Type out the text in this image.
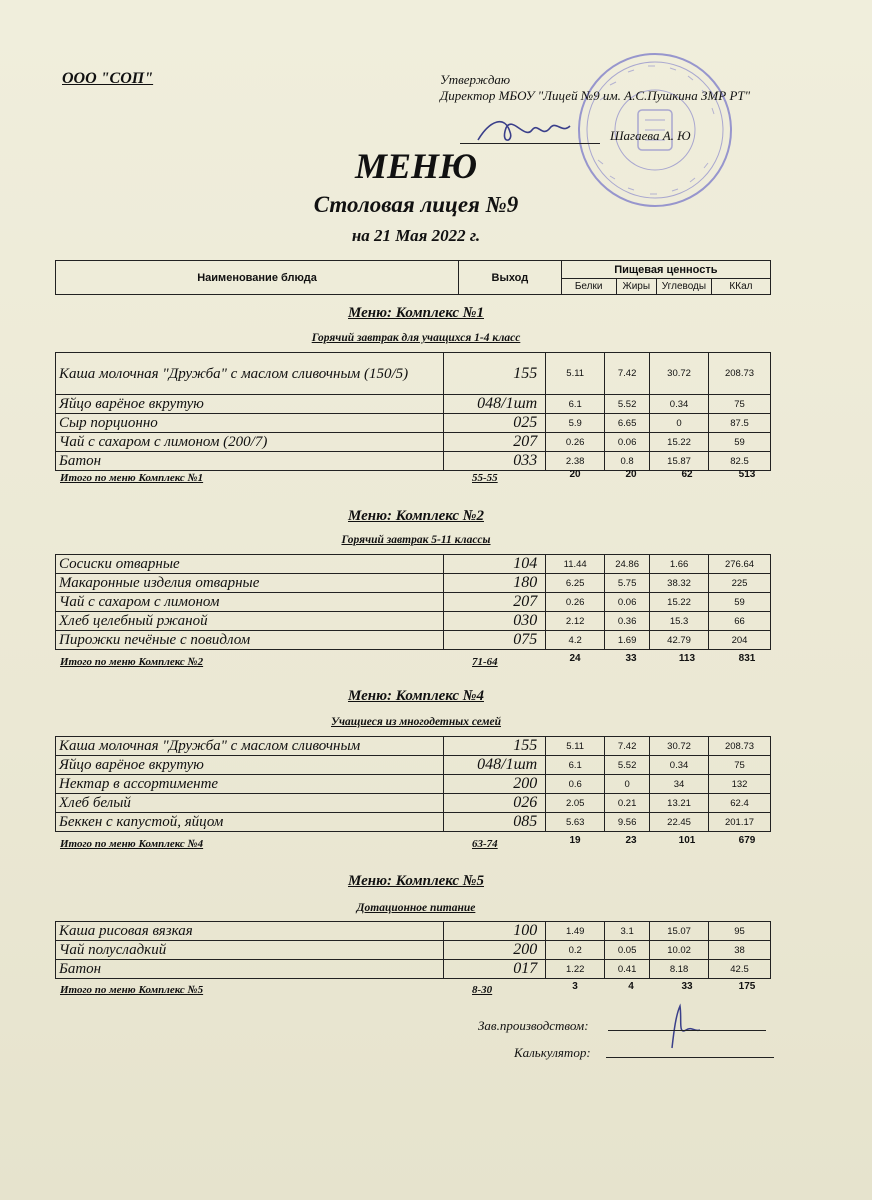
ООО "СОП"	Утверждаю
Директор МБОУ "Лицей №9 им. А.С.Пушкина ЗМР РТ"
Шагаева А. Ю
МЕНЮ
Столовая лицея №9
на 21 Мая 2022 г.
Наименование блюда	Выход	Пищевая ценность			
		Белки	Жиры	Углеводы	ККал
Меню: Комплекс №1
Горячий завтрак для учащихся 1-4 класс
Каша молочная "Дружба" с маслом сливочным (150/5)	155	5.11	7.42	30.72	208.73
Яйцо варёное вкрутую	048/1шт	6.1	5.52	0.34	75
Сыр порционно	025	5.9	6.65	0	87.5
Чай с сахаром с лимоном (200/7)	207	0.26	0.06	15.22	59
Батон	033	2.38	0.8	15.87	82.5
Итого по меню Комплекс №1	55-55	20	20	62	513
Меню: Комплекс №2
Горячий завтрак 5-11 классы
Сосиски отварные	104	11.44	24.86	1.66	276.64
Макаронные изделия отварные	180	6.25	5.75	38.32	225
Чай с сахаром с лимоном	207	0.26	0.06	15.22	59
Хлеб целебный ржаной	030	2.12	0.36	15.3	66
Пирожки печёные с повидлом	075	4.2	1.69	42.79	204
Итого по меню Комплекс №2	71-64	24	33	113	831
Меню: Комплекс №4
Учащиеся из многодетных семей
Каша молочная "Дружба" с маслом сливочным	155	5.11	7.42	30.72	208.73
Яйцо варёное вкрутую	048/1шт	6.1	5.52	0.34	75
Нектар в ассортименте	200	0.6	0	34	132
Хлеб белый	026	2.05	0.21	13.21	62.4
Беккен с капустой, яйцом	085	5.63	9.56	22.45	201.17
Итого по меню Комплекс №4	63-74	19	23	101	679
Меню: Комплекс №5
Дотационное питание
Каша рисовая вязкая	100	1.49	3.1	15.07	95
Чай полусладкий	200	0.2	0.05	10.02	38
Батон	017	1.22	0.41	8.18	42.5
Итого по меню Комплекс №5	8-30	3	4	33	175
Зав.производством:
Калькулятор:
